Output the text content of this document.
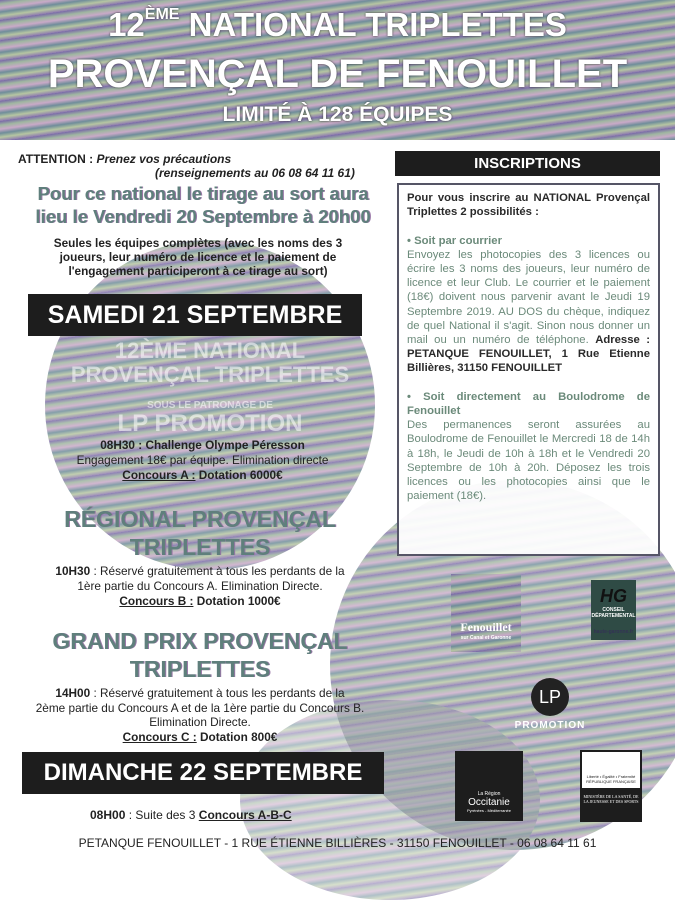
12ÈME NATIONAL TRIPLETTES
PROVENÇAL DE FENOUILLET
LIMITÉ À 128 ÉQUIPES
ATTENTION : Prenez vos précautions
(renseignements au 06 08 64 11 61)
Pour ce national le tirage au sort aura
lieu le Vendredi 20 Septembre à 20h00
Seules les équipes complètes (avec les noms des 3 joueurs, leur numéro de licence et le paiement de l'engagement participeront à ce tirage au sort)
SAMEDI 21 SEPTEMBRE
12ÈME NATIONAL
PROVENÇAL TRIPLETTES
SOUS LE PATRONAGE DE
LP PROMOTION
08H30 : Challenge Olympe Péresson
Engagement 18€ par équipe. Elimination directe
Concours A : Dotation 6000€
RÉGIONAL PROVENÇAL
TRIPLETTES
10H30 : Réservé gratuitement à tous les perdants de la
1ère partie du Concours A. Elimination Directe.
Concours B : Dotation 1000€
GRAND PRIX PROVENÇAL
TRIPLETTES
14H00 : Réservé gratuitement à tous les perdants de la
2ème partie du Concours A et de la 1ère partie du Concours B.
Elimination Directe.
Concours C : Dotation 800€
DIMANCHE 22 SEPTEMBRE
08H00 : Suite des 3 Concours A-B-C
PETANQUE FENOUILLET - 1 RUE ÉTIENNE BILLIÈRES - 31150 FENOUILLET - 06 08 64 11 61
INSCRIPTIONS

Pour vous inscrire au NATIONAL Provençal Triplettes 2 possibilités :

• Soit par courrier

Envoyez les photocopies des 3 licences ou écrire les 3 noms des joueurs, leur numéro de licence et leur Club. Le courrier et le paiement (18€) doivent nous parvenir avant le Jeudi 19 Septembre 2019. AU DOS du chèque, indiquez de quel National il s'agit. Sinon nous donner un mail ou un numéro de téléphone. Adresse : PETANQUE FENOUILLET, 1 Rue Etienne Billières, 31150 FENOUILLET

• Soit directement au Boulodrome de Fenouillet

Des permanences seront assurées au Boulodrome de Fenouillet le Mercredi 18 de 14h à 18h, le Jeudi de 10h à 18h et le Vendredi 20 Septembre de 10h à 20h. Déposez les trois licences ou les photocopies ainsi que le paiement (18€).

Fenouillet
sur Canal et Garonne
HG
CONSEIL DÉPARTEMENTAL
haute-garonne.fr
LP
PROMOTION
La Région
Occitanie
Pyrénées - Méditerranée
Liberté • Égalité • Fraternité RÉPUBLIQUE FRANÇAISE
MINISTÈRE DE LA SANTÉ, DE LA JEUNESSE ET DES SPORTS
